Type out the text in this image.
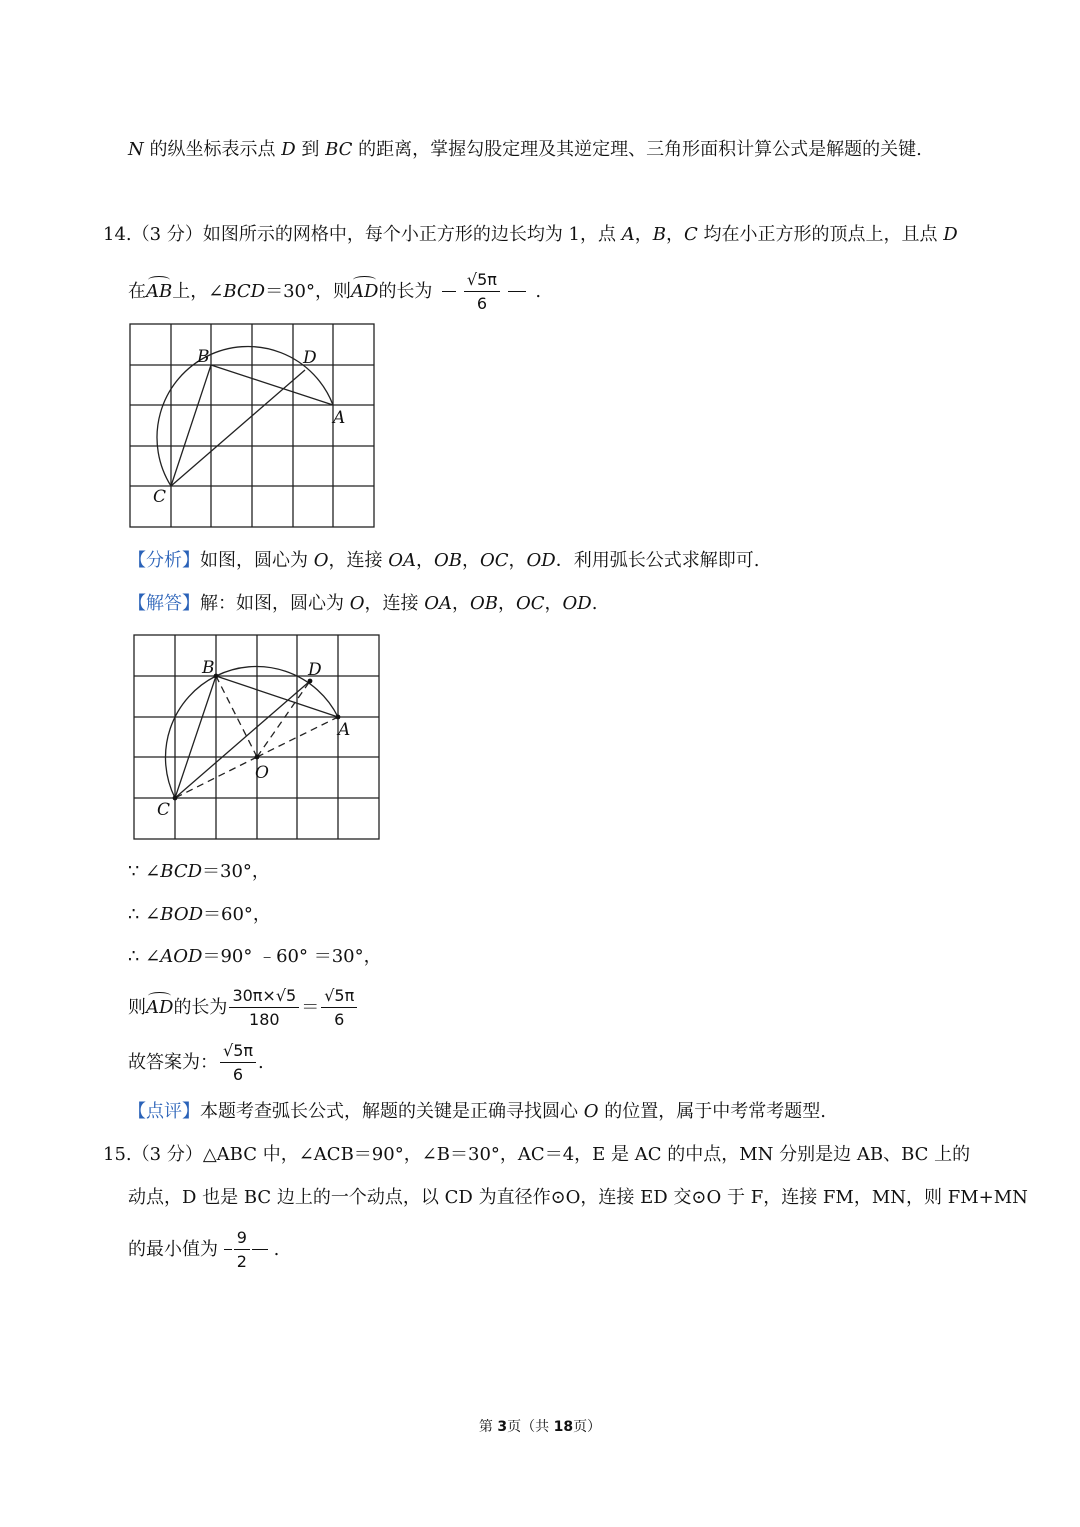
N 的纵坐标表示点 D 到 BC 的距离，掌握勾股定理及其逆定理、三角形面积计算公式是解题的关键.
14.（3 分）如图所示的网格中，每个小正方形的边长均为 1，点 A，B，C 均在小正方形的顶点上，且点 D
在AB上，∠BCD＝30°，则AD的长为 $\frac{√5\pi}{6}$ .
B	D
A
C
【分析】如图，圆心为 O，连接 OA，OB，OC，OD．利用弧长公式求解即可.
【解答】解：如图，圆心为 O，连接 OA，OB，OC，OD.
B	D
A
C
O
∵ ∠BCD＝30°，
∴ ∠BOD＝60°，
∴ ∠AOD＝90° ﹣60° ＝30°，
则AD的长为 $\frac{30\pi\times√5}{180} = \frac{√5\pi}{6}$
故答案为： $\frac{√5\pi}{6}$ .
【点评】本题考查弧长公式，解题的关键是正确寻找圆心 O 的位置，属于中考常考题型.
15.（3 分）△ABC 中，∠ACB＝90°，∠B＝30°，AC＝4，E 是 AC 的中点，MN 分别是边 AB、BC 上的
动点，D 也是 BC 边上的一个动点，以 CD 为直径作⊙O，连接 ED 交⊙O 于 F，连接 FM，MN，则 FM+MN
的最小值为 $\frac{9}{2}$ .
第 3页（共 18页）
